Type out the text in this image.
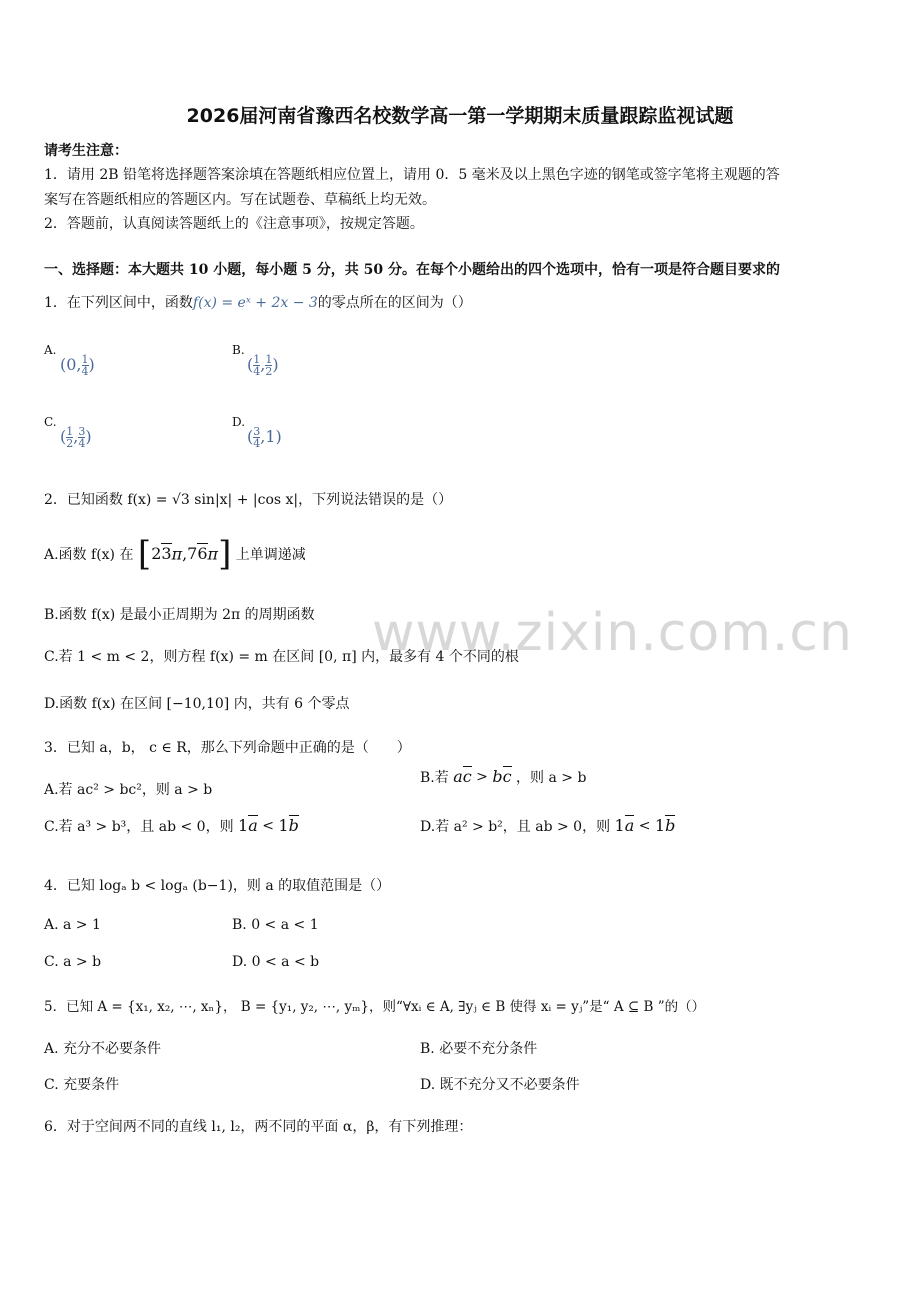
2026届河南省豫西名校数学高一第一学期期末质量跟踪监视试题
请考生注意：
1．请用 2B 铅笔将选择题答案涂填在答题纸相应位置上，请用 0．5 毫米及以上黑色字迹的钢笔或签字笔将主观题的答
案写在答题纸相应的答题区内。写在试题卷、草稿纸上均无效。
2．答题前，认真阅读答题纸上的《注意事项》，按规定答题。
一、选择题：本大题共 10 小题，每小题 5 分，共 50 分。在每个小题给出的四个选项中，恰有一项是符合题目要求的
1．在下列区间中，函数f(x) = eˣ + 2x − 3的零点所在的区间为（）
A.
(0, $\frac{1}{4}$ )
B.
( $\frac{1}{4}$ , $\frac{1}{2}$ )
C.
( $\frac{1}{2}$ , $\frac{3}{4}$ )
D.
( $\frac{3}{4} ,1$)
2．已知函数 f(x) = √3 sin|x| + |cos x|，下列说法错误的是（）
A.函数 f(x) 在 [23π,76π] 上单调递减
B.函数 f(x) 是最小正周期为 2π 的周期函数
C.若 1 < m < 2，则方程 f(x) = m 在区间 [0, π] 内，最多有 4 个不同的根
D.函数 f(x) 在区间 [−10,10] 内，共有 6 个零点
3．已知 a，b， c ∈ R，那么下列命题中正确的是（　　）
A.若 ac² > bc²，则 a > b
B.若 ac > bc ，则 a > b
C.若 a³ > b³，且 ab < 0，则 1a < 1b	D.若 a² > b²，且 ab > 0，则 1a < 1b
4．已知 logₐ b < logₐ (b−1)，则 a 的取值范围是（）
A. a > 1	B. 0 < a < 1
C. a > b	D. 0 < a < b
5．已知 A = {x₁, x₂, ⋯, xₙ}， B = {y₁, y₂, ⋯, yₘ}，则“∀xᵢ ∈ A, ∃yⱼ ∈ B 使得 xᵢ = yⱼ”是“ A ⊆ B ”的（）
A. 充分不必要条件	B. 必要不充分条件
C. 充要条件	D. 既不充分又不必要条件
6．对于空间两不同的直线 l₁, l₂，两不同的平面 α，β，有下列推理：
www.zixin.com.cn
